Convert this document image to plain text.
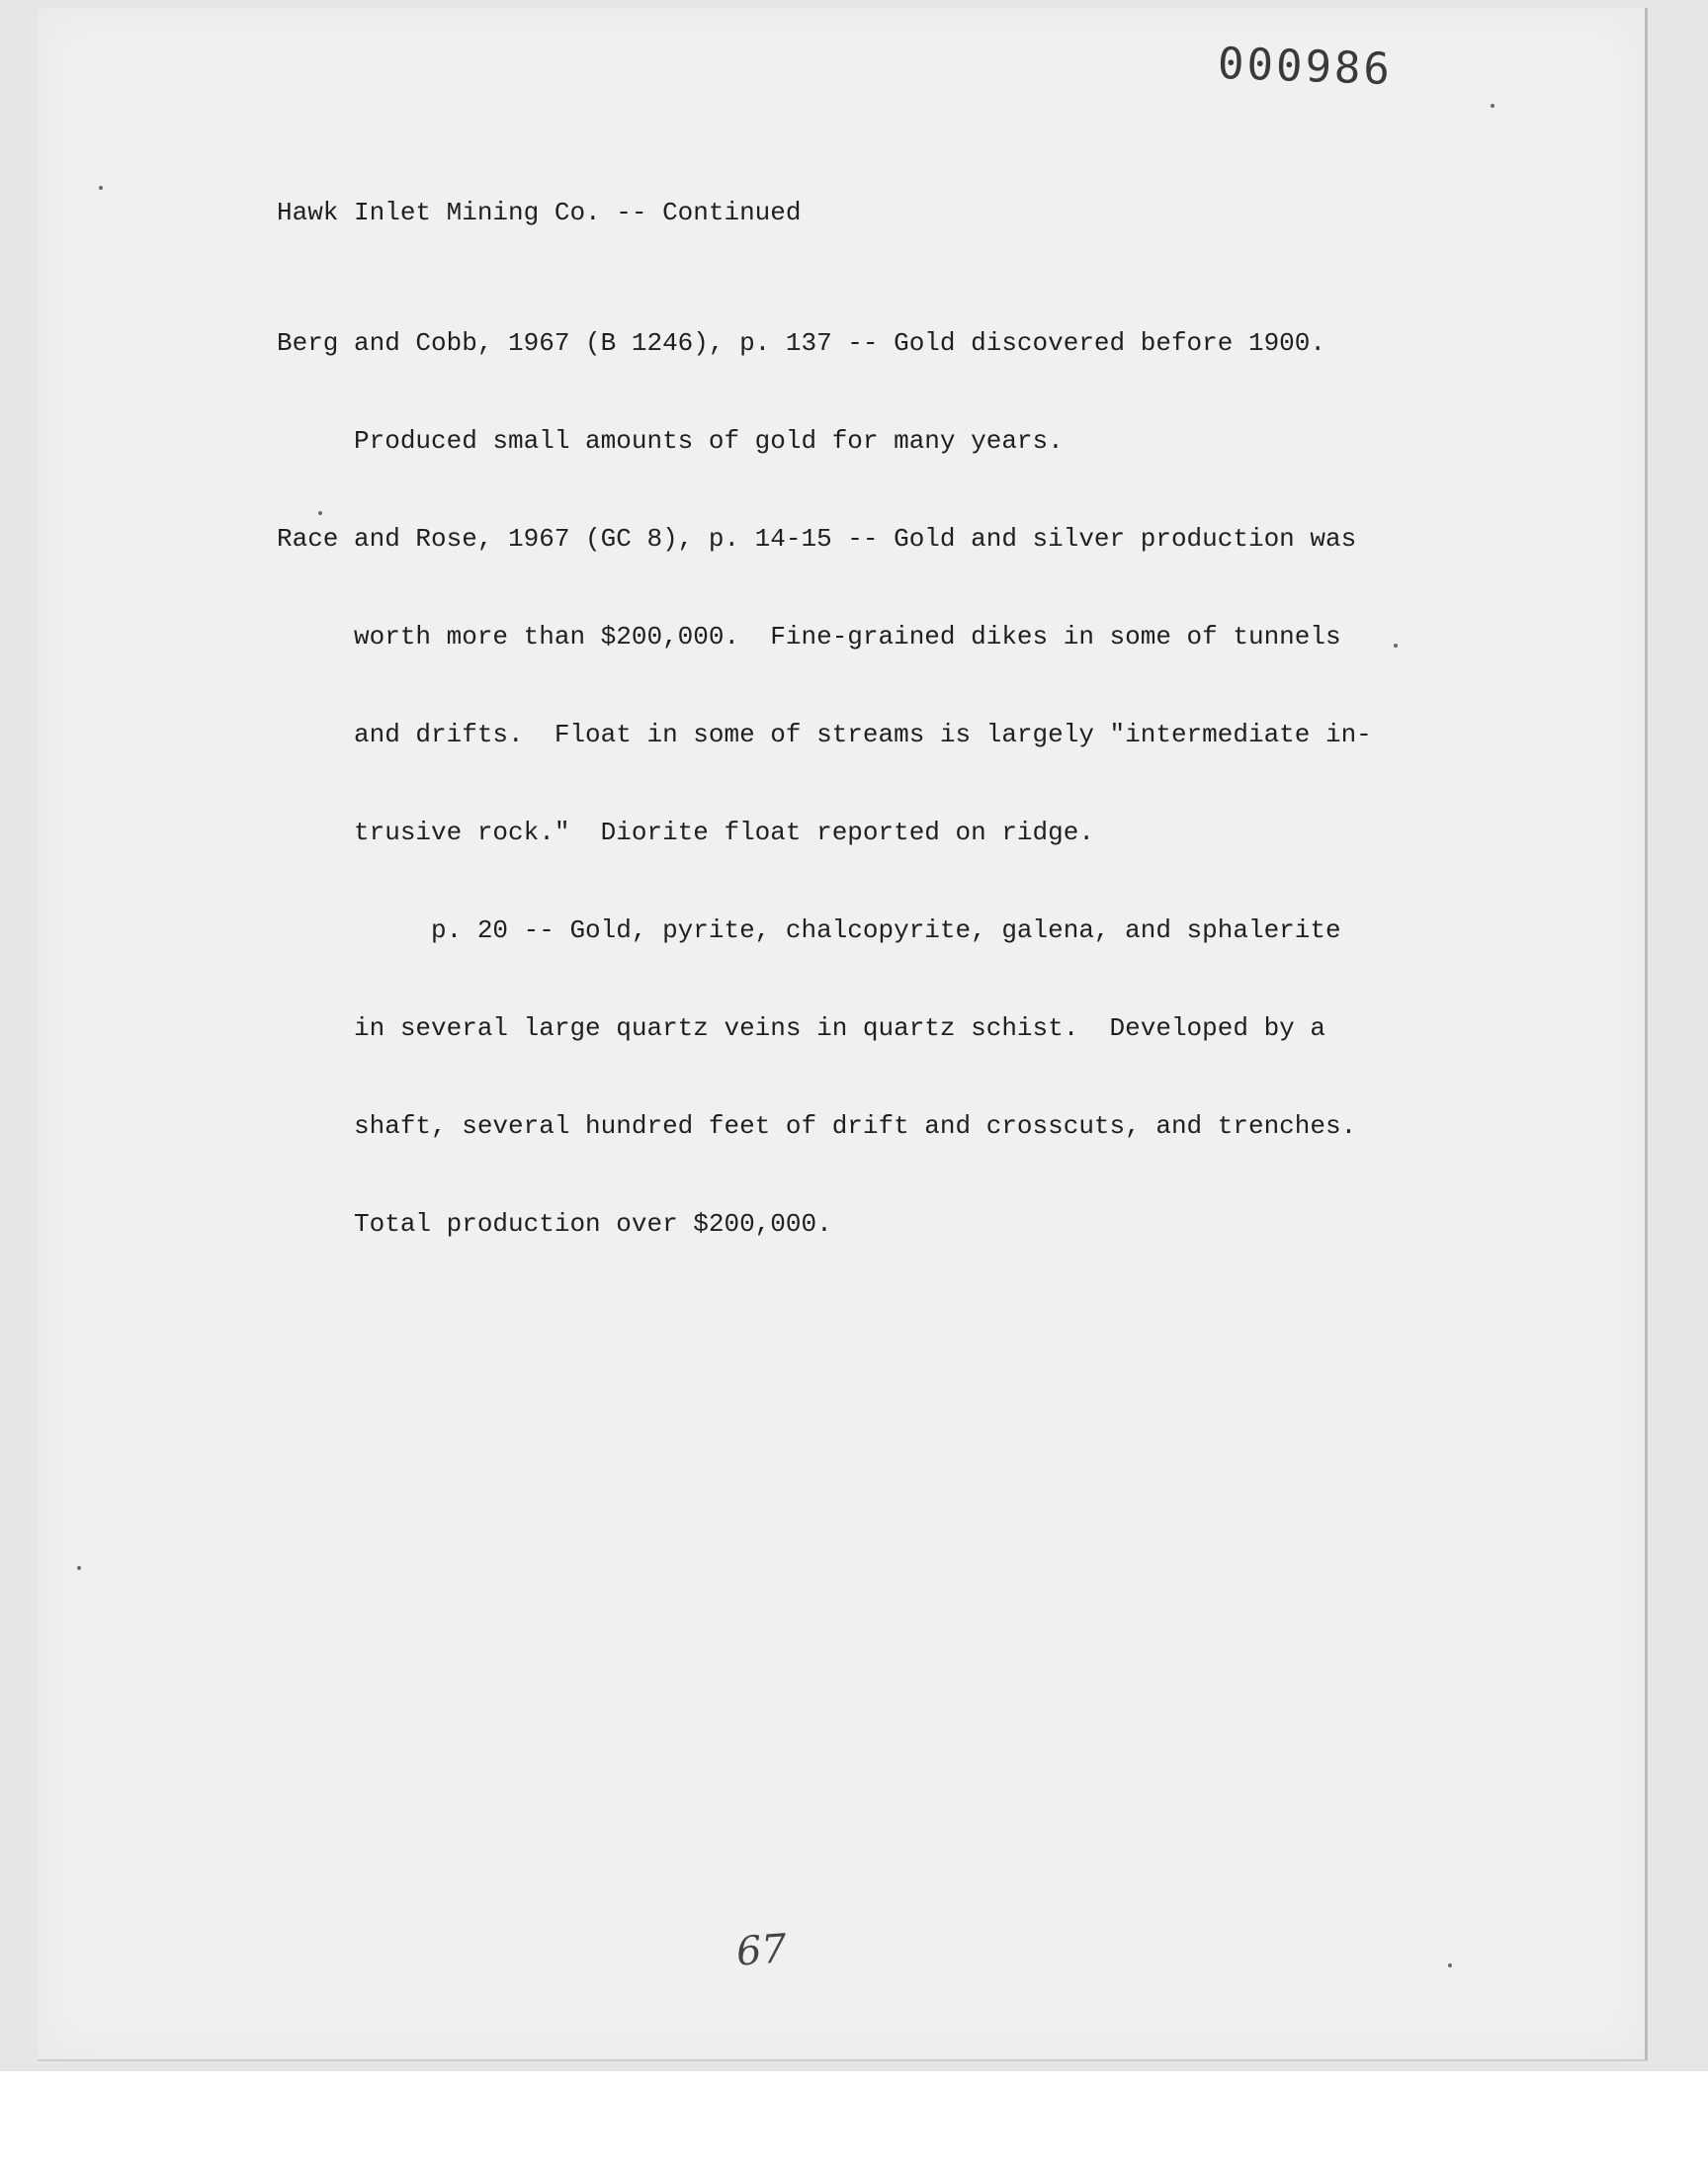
000986
Hawk Inlet Mining Co. -- Continued

Berg and Cobb, 1967 (B 1246), p. 137 -- Gold discovered before 1900.

Produced small amounts of gold for many years.

Race and Rose, 1967 (GC 8), p. 14-15 -- Gold and silver production was

worth more than $200,000.  Fine-grained dikes in some of tunnels

and drifts.  Float in some of streams is largely "intermediate in-

trusive rock."  Diorite float reported on ridge.

p. 20 -- Gold, pyrite, chalcopyrite, galena, and sphalerite

in several large quartz veins in quartz schist.  Developed by a

shaft, several hundred feet of drift and crosscuts, and trenches.

Total production over $200,000.

67
